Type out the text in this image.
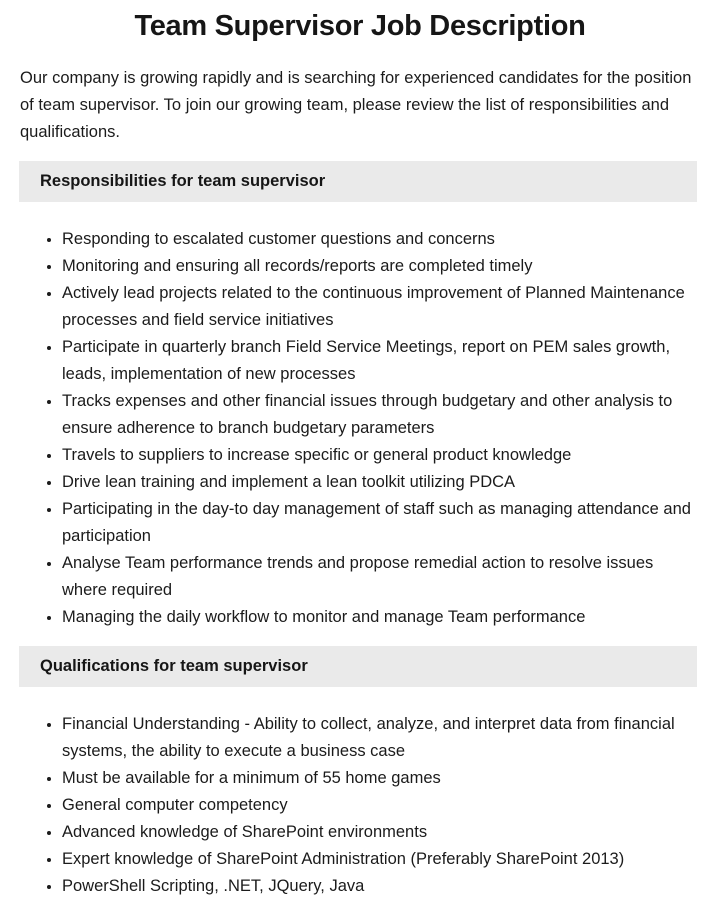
Team Supervisor Job Description

Our company is growing rapidly and is searching for experienced candidates for the position of team supervisor. To join our growing team, please review the list of responsibilities and qualifications.

Responsibilities for team supervisor
• Responding to escalated customer questions and concerns
• Monitoring and ensuring all records/reports are completed timely
• Actively lead projects related to the continuous improvement of Planned Maintenance processes and field service initiatives
• Participate in quarterly branch Field Service Meetings, report on PEM sales growth, leads, implementation of new processes
• Tracks expenses and other financial issues through budgetary and other analysis to ensure adherence to branch budgetary parameters
• Travels to suppliers to increase specific or general product knowledge
• Drive lean training and implement a lean toolkit utilizing PDCA
• Participating in the day-to day management of staff such as managing attendance and participation
• Analyse Team performance trends and propose remedial action to resolve issues where required
• Managing the daily workflow to monitor and manage Team performance
Qualifications for team supervisor
• Financial Understanding - Ability to collect, analyze, and interpret data from financial systems, the ability to execute a business case
• Must be available for a minimum of 55 home games
• General computer competency
• Advanced knowledge of SharePoint environments
• Expert knowledge of SharePoint Administration (Preferably SharePoint 2013)
• PowerShell Scripting, .NET, JQuery, Java
